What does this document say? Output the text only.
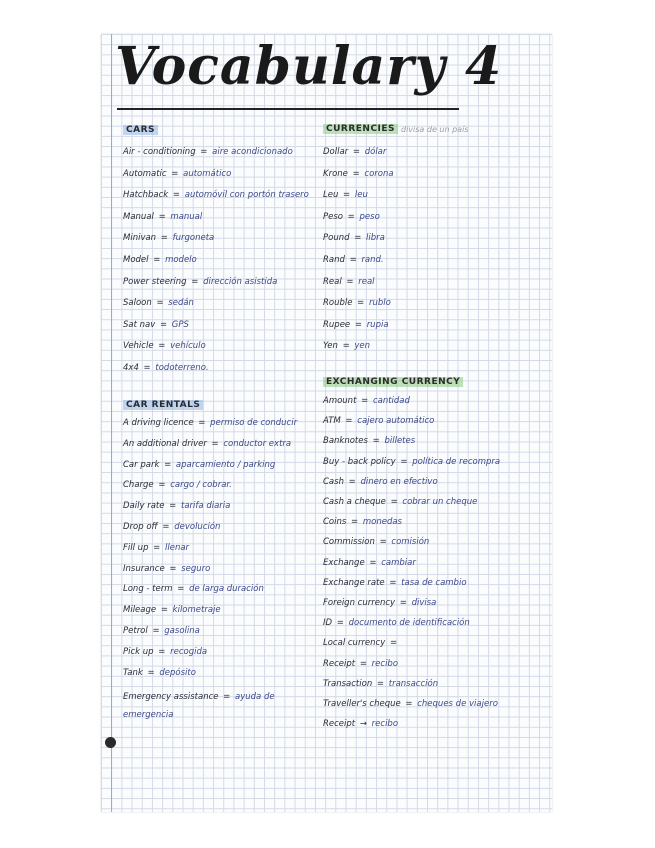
Vocabulary 4
CARS
Air - conditioning = aire acondicionado
Automatic = automático
Hatchback = automóvil con portón trasero
Manual = manual
Minivan = furgoneta
Model = modelo
Power steering = dirección asistida
Saloon = sedán
Sat nav = GPS
Vehicle = vehículo
4x4 = todoterreno.
CAR RENTALS
A driving licence = permiso de conducir
An additional driver = conductor extra
Car park = aparcamiento / parking
Charge = cargo / cobrar.
Daily rate = tarifa diaria
Drop off = devolución
Fill up = llenar
Insurance = seguro
Long - term = de larga duración
Mileage = kilometraje
Petrol = gasolina
Pick up = recogida
Tank = depósito
Emergency assistance = ayuda de emergencia
CURRENCIES divisa de un país
Dollar = dólar
Krone = corona
Leu = leu
Peso = peso
Pound = libra
Rand = rand.
Real = real
Rouble = rublo
Rupee = rupia
Yen = yen
EXCHANGING CURRENCY
Amount = cantidad
ATM = cajero automático
Banknotes = billetes
Buy - back policy = política de recompra
Cash = dinero en efectivo
Cash a cheque = cobrar un cheque
Coins = monedas
Commission = comisión
Exchange = cambiar
Exchange rate = tasa de cambio
Foreign currency = divisa
ID = documento de identificación
Local currency =
Receipt = recibo
Transaction = transacción
Traveller's cheque = cheques de viajero
Receipt → recibo
